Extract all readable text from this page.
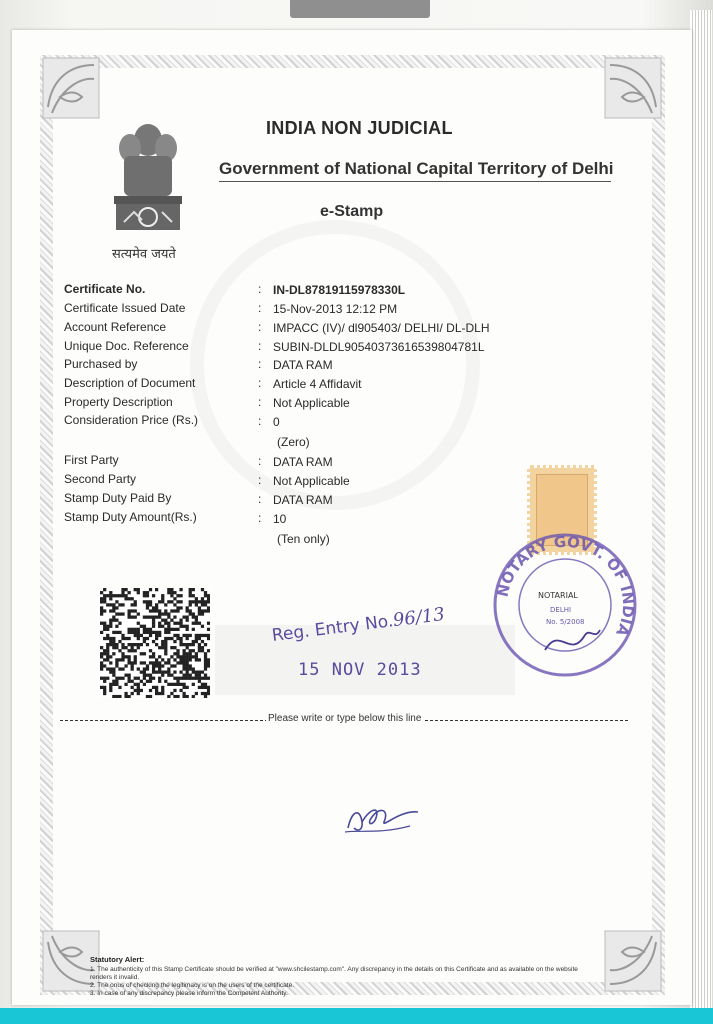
सत्यमेव जयते
INDIA NON JUDICIAL
Government of National Capital Territory of Delhi
e-Stamp
Certificate No.	: IN-DL87819115978330L
Certificate Issued Date	: 15-Nov-2013 12:12 PM
Account Reference	: IMPACC (IV)/ dl905403/ DELHI/ DL-DLH
Unique Doc. Reference	: SUBIN-DLDL90540373616539804781L
Purchased by	: DATA RAM
Description of Document	: Article 4 Affidavit
Property Description	: Not Applicable
Consideration Price (Rs.)	: 0
(Zero)
First Party	: DATA RAM
Second Party	: Not Applicable
Stamp Duty Paid By	: DATA RAM
Stamp Duty Amount(Rs.)	: 10
(Ten only)
NOTARY GOVT. OF INDIA
NOTARIAL
DELHI
No. 5/2008
Reg. Entry No.96/13
15 NOV 2013
Please write or type below this line
Statutory Alert:
1. The authenticity of this Stamp Certificate should be verified at "www.shcilestamp.com". Any discrepancy in the details on this Certificate and as available on the website renders it invalid.
2. The onus of checking the legitimacy is on the users of the certificate.
3. In case of any discrepancy please inform the Competent Authority.
